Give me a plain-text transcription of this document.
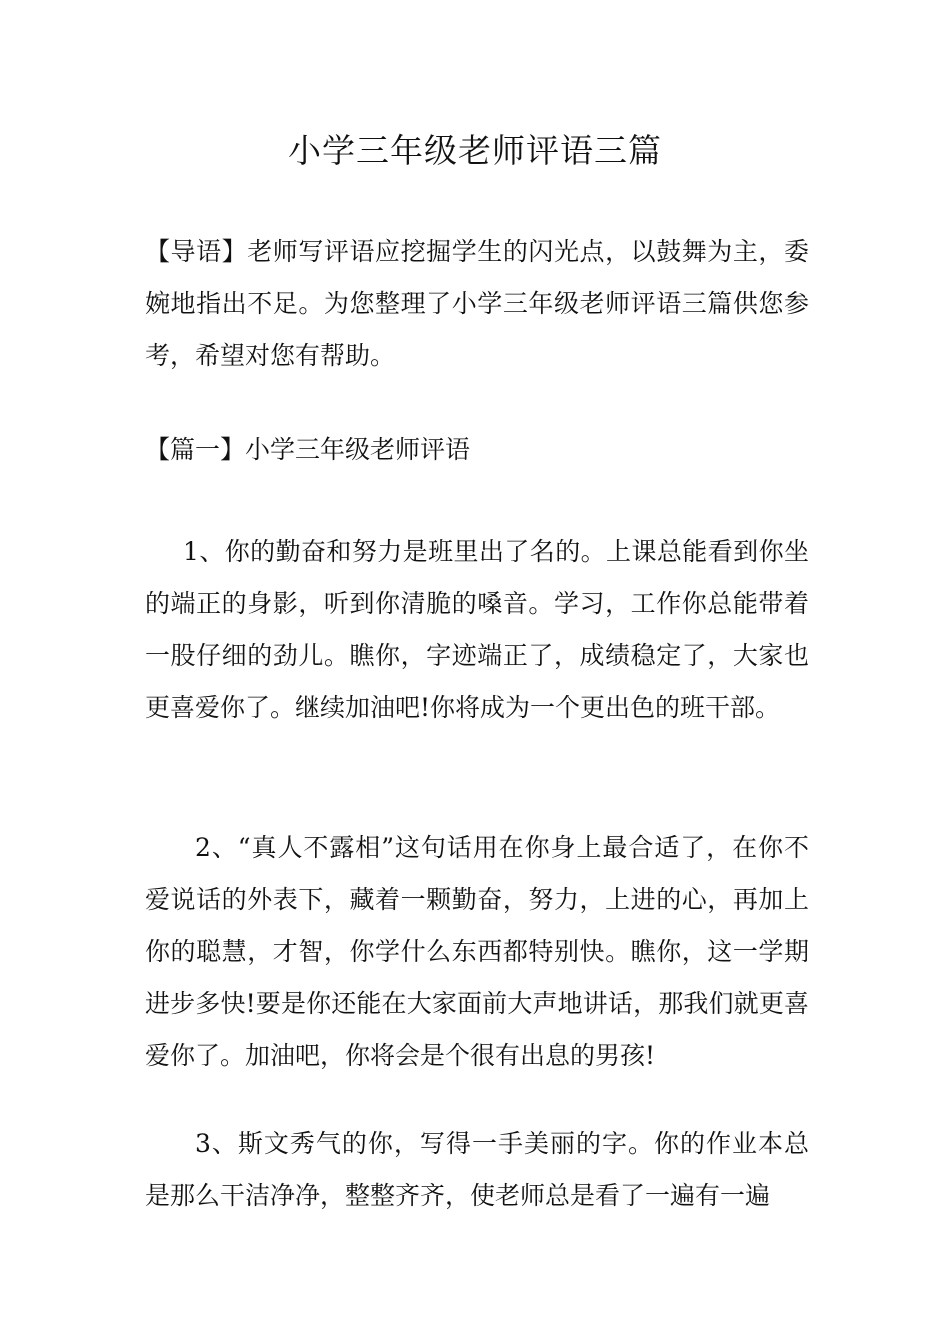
小学三年级老师评语三篇
【导语】老师写评语应挖掘学生的闪光点，以鼓舞为主，委婉地指出不足。为您整理了小学三年级老师评语三篇供您参考，希望对您有帮助。
【篇一】小学三年级老师评语
1、你的勤奋和努力是班里出了名的。上课总能看到你坐的端正的身影，听到你清脆的嗓音。学习，工作你总能带着一股仔细的劲儿。瞧你，字迹端正了，成绩稳定了，大家也更喜爱你了。继续加油吧!你将成为一个更出色的班干部。
2、“真人不露相”这句话用在你身上最合适了，在你不爱说话的外表下，藏着一颗勤奋，努力，上进的心，再加上你的聪慧，才智，你学什么东西都特别快。瞧你，这一学期进步多快!要是你还能在大家面前大声地讲话，那我们就更喜爱你了。加油吧，你将会是个很有出息的男孩!
3、斯文秀气的你，写得一手美丽的字。你的作业本总是那么干洁净净，整整齐齐，使老师总是看了一遍有一遍
